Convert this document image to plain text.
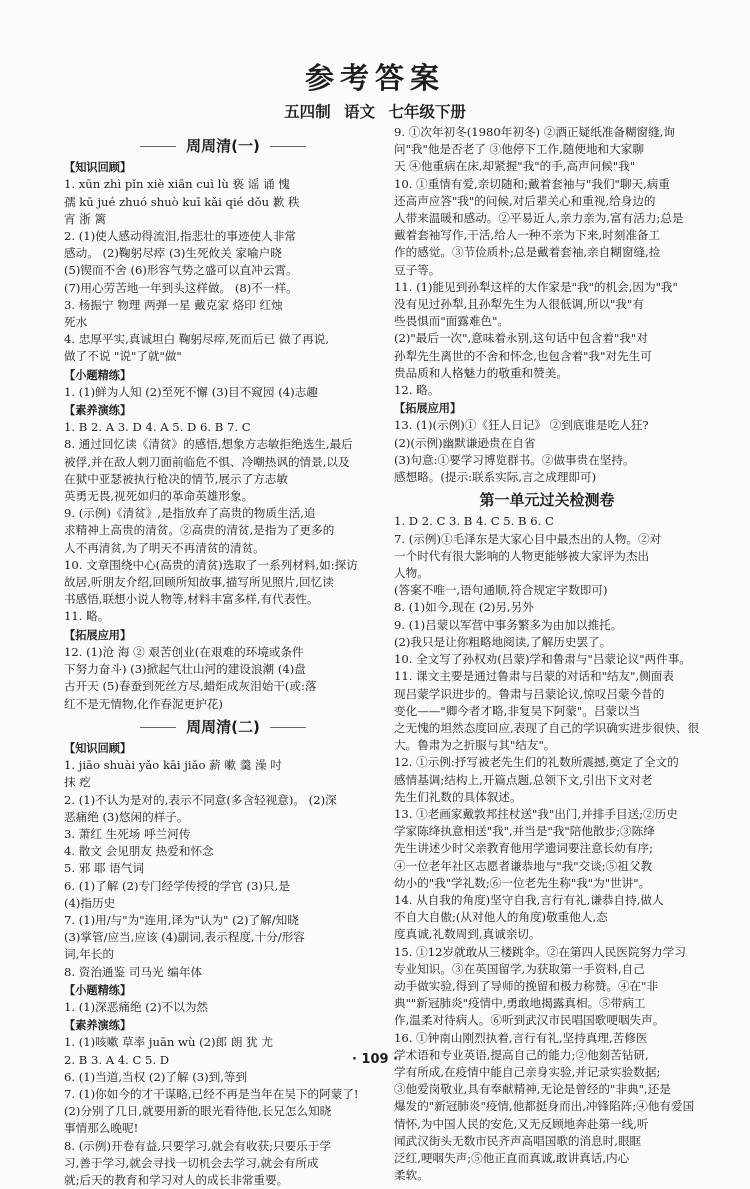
参考答案
五四制 语文 七年级下册
周周清(一)
【知识回顾】
1. xūn zhì pǐn xiè xiān cuì lù 亵 谣 诵 愧
孺 kū jué zhuó shuò kuī kǎi qié dǒu 歉 秩
宵 浙 篱
2. (1)使人感动得流泪,指悲壮的事迹使人非常
感动。 (2)鞠躬尽瘁 (3)生死攸关 家喻户晓
(5)锲而不舍 (6)形容气势之盛可以直冲云霄。
(7)用心劳苦地一年到头这样做。 (8)不一样。
3. 杨振宁 物理 两弹一星 戴克家 烙印 红烛
死水
4. 忠厚平实,真诚坦白 鞠躬尽瘁,死而后已 做了再说,
做了不说 "说"了就"做"
【小题精练】
1. (1)鲜为人知 (2)至死不懈 (3)目不窥园 (4)志趣
【素养演练】
1. B 2. A 3. D 4. A 5. D 6. B 7. C
8. 通过回忆读《清贫》的感悟,想象方志敏拒绝选生,最后
被俘,并在敌人刺刀面前临危不惧、冷嘲热讽的情景,以及
在狱中亚瑟被执行枪决的情节,展示了方志敏
英勇无畏,视死如归的革命英雄形象。
9. (示例)《清贫》,是指放弃了高贵的物质生活,追
求精神上高贵的清贫。②高贵的清贫,是指为了更多的
人不再清贫,为了明天不再清贫的清贫。
10. 文章围绕中心(高贵的清贫)选取了一系列材料,如:探访
故居,听朋友介绍,回顾所知故事,描写所见照片,回忆读
书感悟,联想小说人物等,材料丰富多样,有代表性。
11. 略。
【拓展应用】
12. (1)沧 海 ② 艰苦创业(在艰难的环境或条件
下努力奋斗) (3)掀起气壮山河的建设浪潮 (4)盘
古开天 (5)春蚕到死丝方尽,蜡炬成灰泪始干(或:落
红不是无情物,化作春泥更护花)
周周清(二)
【知识回顾】
1. jiāo shuài yǎo kāi jiǎo 薪 嗽 羹 澡 吋
抹 疙
2. (1)不认为是对的,表示不同意(多含轻视意)。 (2)深
恶痛绝 (3)悠闲的样子。
3. 萧红 生死场 呼兰河传
4. 散文 会见朋友 热爱和怀念
5. 邪 耶 语气词
6. (1)了解 (2)专门经学传授的学官 (3)只,是
(4)指历史
7. (1)用/与"为"连用,译为"认为" (2)了解/知晓
(3)掌管/应当,应该 (4)副词,表示程度,十分/形容
词,年长的
8. 资治通鉴 司马光 编年体
【小题精练】
1. (1)深恶痛绝 (2)不以为然
【素养演练】
1. (1)咳嗽 草率 juān wù (2)郎 朗 犹 尤
2. B 3. A 4. C 5. D
6. (1)当道,当权 (2)了解 (3)到,等到
7. (1)你如今的才干谋略,已经不再是当年在吴下的阿蒙了!
(2)分别了几日,就要用新的眼光看待他,长兄怎么知晓
事情那么晚呢!
8. (示例)开卷有益,只要学习,就会有收获;只要乐于学
习,善于学习,就会寻找一切机会去学习,就会有所成
就;后天的教育和学习对人的成长非常重要。
9. ①次年初冬(1980年初冬) ②酒正疑纸准备糊窗缝,询
问"我"他是否老了 ③他停下工作,随便地和大家聊
天 ④他重病在床,却紧握"我"的手,高声问候"我"
10. ①重情有爱,亲切随和;戴着套袖与"我们"聊天,病重
还高声应答"我"的问候,对后辈关心和重视,给身边的
人带来温暖和感动。②平易近人,亲力亲为,富有活力;总是
戴着套袖写作,干活,给人一种不亲为下来,时刻准备工
作的感觉。③节俭质朴;总是戴着套袖,亲自糊窗缝,捡
豆子等。
11. (1)能见到孙犁这样的大作家是"我"的机会,因为"我"
没有见过孙犁,且孙犁先生为人很低调,所以"我"有
些畏惧而"面露难色"。
(2)"最后一次",意味着永别,这句话中包含着"我"对
孙犁先生离世的不舍和怀念,也包含着"我"对先生可
贵品质和人格魅力的敬重和赞美。
12. 略。
【拓展应用】
13. (1)(示例)①《狂人日记》 ②到底谁是吃人狂?
(2)(示例)幽默谦逊贵在自省
(3)句意:①要学习博览群书。②做事贵在坚持。
感想略。(提示:联系实际,言之成理即可)
第一单元过关检测卷
1. D 2. C 3. B 4. C 5. B 6. C
7. (示例)①毛泽东是大家心目中最杰出的人物。②对
一个时代有很大影响的人物更能够被大家评为杰出
人物。
(答案不唯一,语句通顺,符合规定字数即可)
8. (1)如今,现在 (2)另,另外
9. (1)吕蒙以军营中事务繁多为由加以推托。
(2)我只是让你粗略地阅读,了解历史罢了。
10. 全文写了孙权劝(吕蒙)学和鲁肃与"吕蒙论议"两件事。
11. 课文主要是通过鲁肃与吕蒙的对话和"结友",侧面表
现吕蒙学识进步的。鲁肃与吕蒙论议,惊叹吕蒙今昔的
变化——"卿今者才略,非复吴下阿蒙"。吕蒙以当
之无愧的坦然态度回应,表现了自己的学识确实进步很快、很
大。鲁肃为之折服与其"结友"。
12. ①示例:抒写被老先生们的礼数所震撼,奠定了全文的
感情基调;结构上,开篇点题,总领下文,引出下文对老
先生们礼数的具体叙述。
13. ①老画家戴敦邦拄杖送"我"出门,并排手目送;②历史
学家陈绛执意相送"我",并当是"我"陪他散步;③陈绛
先生讲述少时父亲教育他用学遗词要注意长幼有序;
④一位老年社区志愿者谦恭地与"我"交谈;⑤祖父教
幼小的"我"学礼数;⑥一位老先生称"我"为"世讲"。
14. 从自我的角度)坚守自我,言行有礼,谦恭自持,做人
不自大自傲;(从对他人的角度)敬重他人,态
度真诚,礼数周到,真诚亲切。
15. ①12岁就敢从三楼跳伞。②在第四人民医院努力学习
专业知识。③在英国留学,为获取第一手资料,自己
动手做实验,得到了导师的挽留和极力称赞。④在"非
典""新冠肺炎"疫情中,勇敢地揭露真相。⑤带病工
作,温柔对待病人。⑥听到武汉市民唱国歌哽咽失声。
16. ①钟南山刚烈执着,言行有礼,坚持真理,苦修医
学术语和专业英语,提高自己的能力;②他刻苦钻研,
学有所成,在疫情中能自己亲身实验,并记录实验数据;
③他爱岗敬业,具有奉献精神,无论是曾经的"非典",还是
爆发的"新冠肺炎"疫情,他都挺身而出,冲锋陷阵;④他有爱国
情怀,为中国人民的安危,又无反顾地奔赴第一线,听
闻武汉街头无数市民齐声高唱国歌的消息时,眼眶
泛红,哽咽失声;⑤他正直而真诚,敢讲真话,内心
柔软。
· 109 ·
